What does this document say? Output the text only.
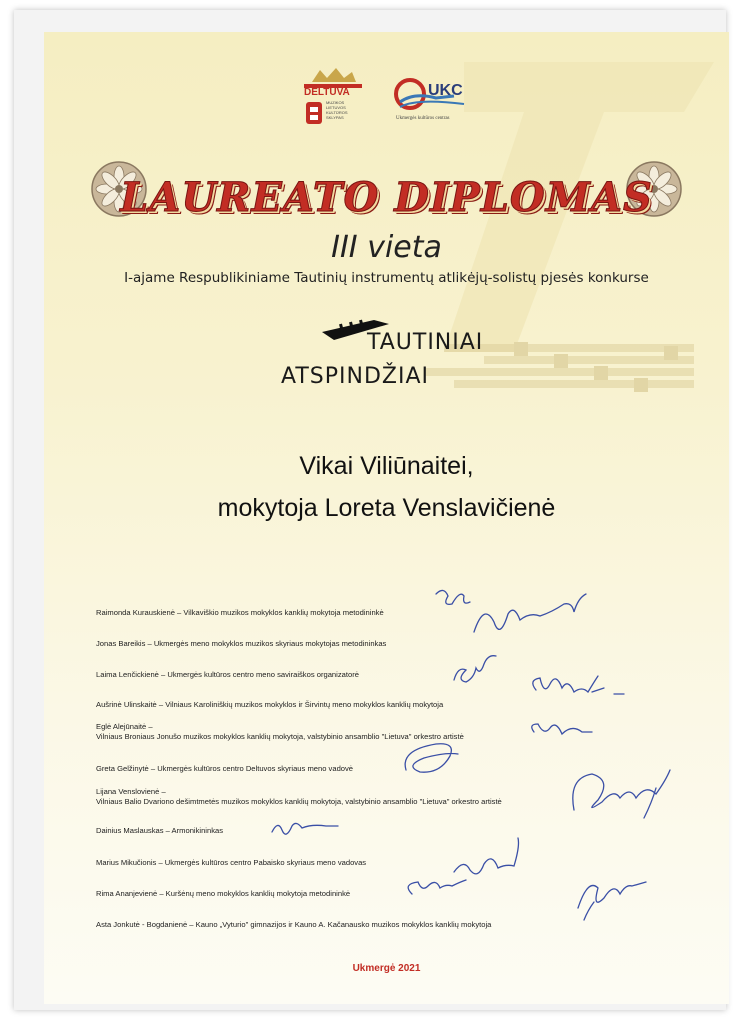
DELTUVA
MUZIKOS
LIETUVOS
KULTŪROS
SKLYPAS
UKC
Ukmergės kultūros centras
LAUREATO DIPLOMAS
III vieta
I-ajame Respublikiniame Tautinių instrumentų atlikėjų-solistų pjesės konkurse
TAUTINIAI
ATSPINDŽIAI
Vikai Viliūnaitei,
mokytoja Loreta Venslavičienė
Raimonda Kurauskienė – Vilkaviškio muzikos mokyklos kanklių mokytoja metodininkė
Jonas Bareikis – Ukmergės meno mokyklos muzikos skyriaus mokytojas metodininkas
Laima Lenčickienė – Ukmergės kultūros centro meno saviraiškos organizatorė
Aušrinė Ulinskaitė – Vilniaus Karoliniškių muzikos mokyklos ir Širvintų meno mokyklos kanklių mokytoja
Eglė Alejūnaitė –
Vilniaus Broniaus Jonušo muzikos mokyklos kanklių mokytoja, valstybinio ansamblio "Lietuva" orkestro artistė
Greta Gelžinytė – Ukmergės kultūros centro Deltuvos skyriaus meno vadovė
Lijana Venslovienė –
Vilniaus Balio Dvariono dešimtmetės muzikos mokyklos kanklių mokytoja, valstybinio ansamblio "Lietuva" orkestro artistė
Dainius Maslauskas – Armonikininkas
Marius Mikučionis – Ukmergės kultūros centro Pabaisko skyriaus meno vadovas
Rima Ananjevienė – Kuršėnų meno mokyklos kanklių mokytoja metodininkė
Asta Jonkutė - Bogdanienė – Kauno „Vyturio" gimnazijos ir Kauno A. Kačanausko muzikos mokyklos kanklių mokytoja
Ukmergė 2021
